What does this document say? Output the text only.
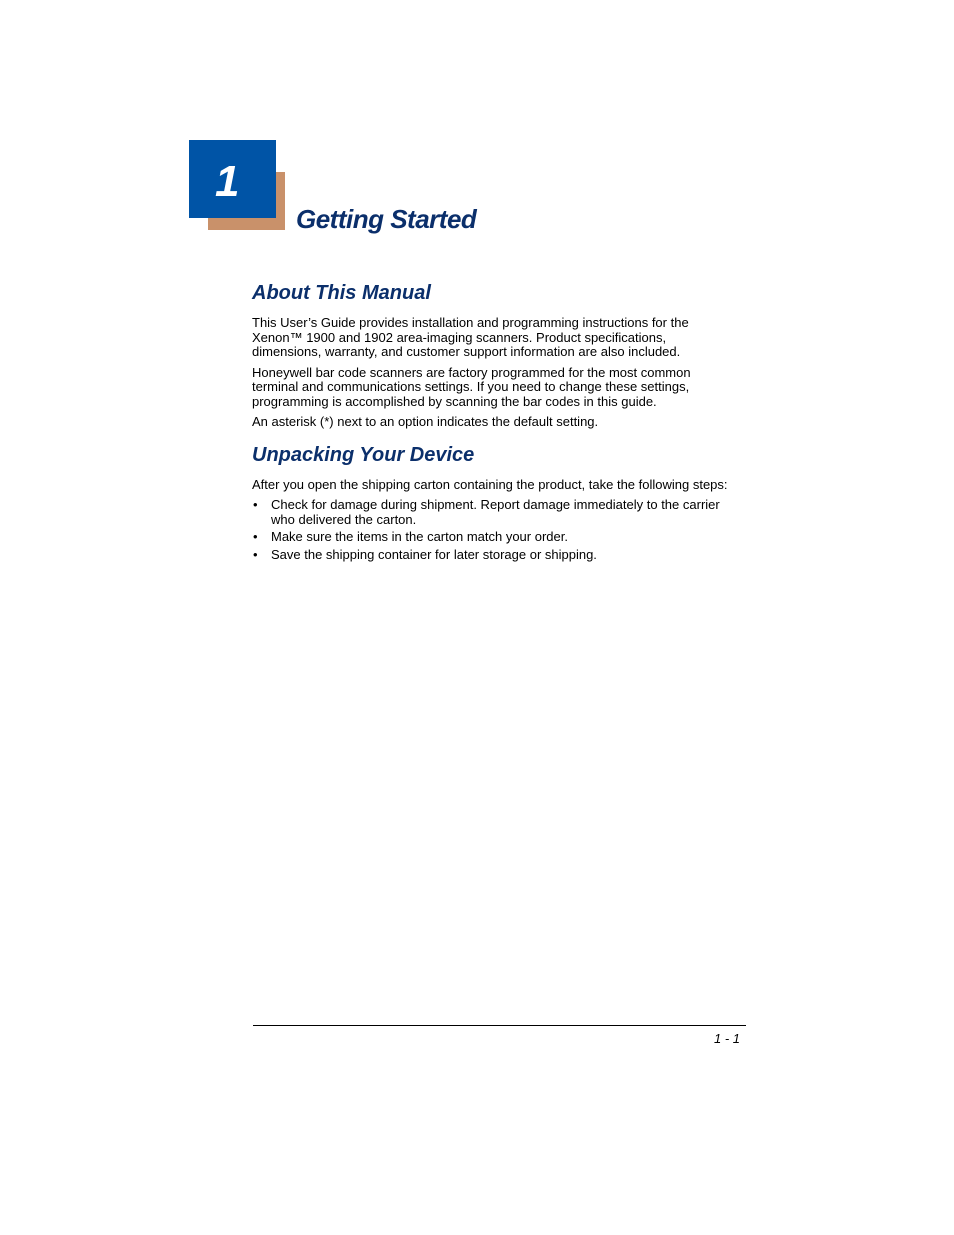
1
Getting Started
About This Manual

This User’s Guide provides installation and programming instructions for the Xenon™ 1900 and 1902 area-imaging scanners. Product specifications, dimensions, warranty, and customer support information are also included.

Honeywell bar code scanners are factory programmed for the most common terminal and communications settings. If you need to change these settings, programming is accomplished by scanning the bar codes in this guide.

An asterisk (*) next to an option indicates the default setting.

Unpacking Your Device

After you open the shipping carton containing the product, take the following steps:

• Check for damage during shipment. Report damage immediately to the carrier who delivered the carton.
• Make sure the items in the carton match your order.
• Save the shipping container for later storage or shipping.
1 - 1
